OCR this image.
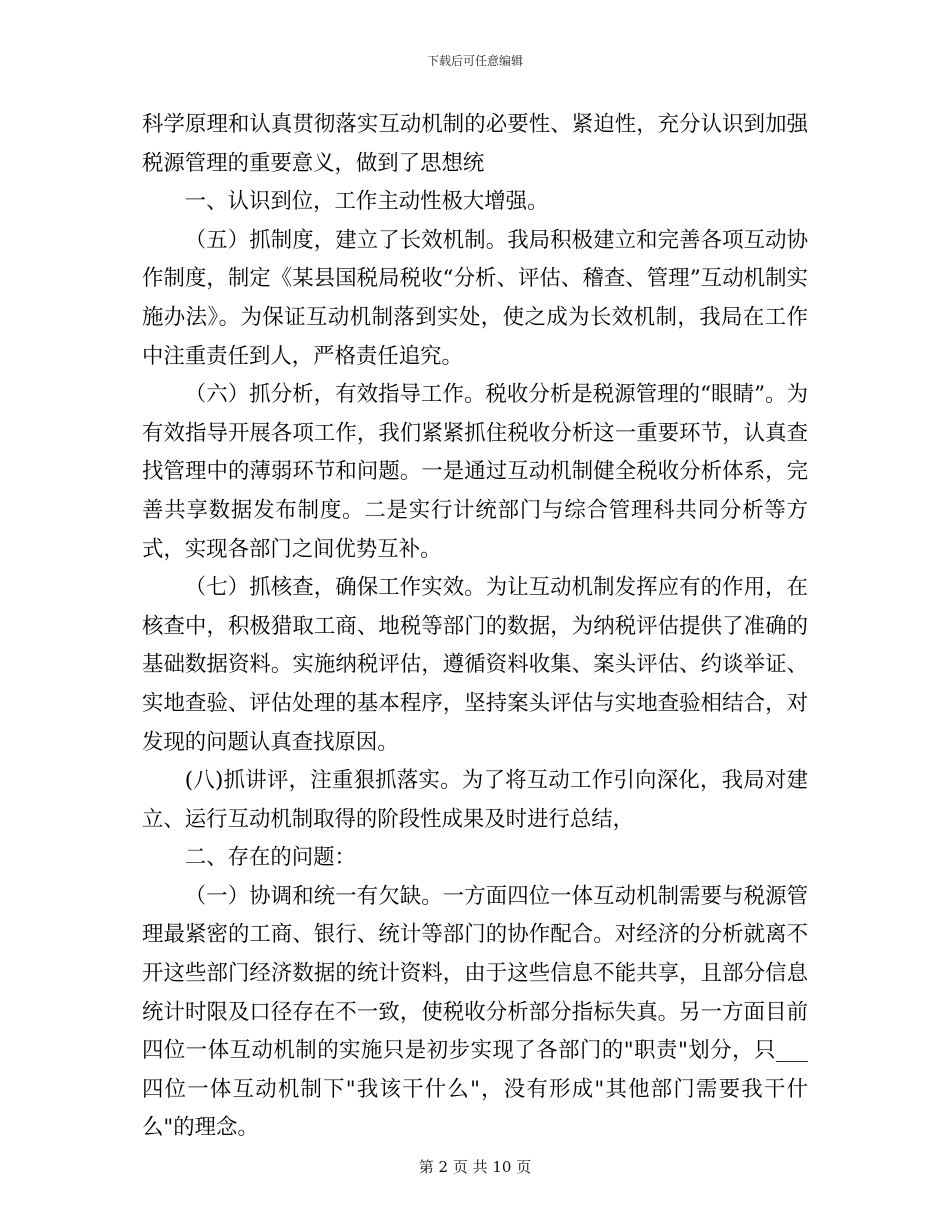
下载后可任意编辑

科学原理和认真贯彻落实互动机制的必要性、紧迫性，充分认识到加强税源管理的重要意义，做到了思想统

一、认识到位，工作主动性极大增强。

（五）抓制度，建立了长效机制。我局积极建立和完善各项互动协作制度，制定《某县国税局税收“分析、评估、稽查、管理”互动机制实施办法》。为保证互动机制落到实处，使之成为长效机制，我局在工作中注重责任到人，严格责任追究。

（六）抓分析，有效指导工作。税收分析是税源管理的“眼睛”。为有效指导开展各项工作，我们紧紧抓住税收分析这一重要环节，认真查找管理中的薄弱环节和问题。一是通过互动机制健全税收分析体系，完善共享数据发布制度。二是实行计统部门与综合管理科共同分析等方式，实现各部门之间优势互补。

（七）抓核查，确保工作实效。为让互动机制发挥应有的作用，在核查中，积极猎取工商、地税等部门的数据，为纳税评估提供了准确的基础数据资料。实施纳税评估，遵循资料收集、案头评估、约谈举证、实地查验、评估处理的基本程序，坚持案头评估与实地查验相结合，对发现的问题认真查找原因。

(八)抓讲评，注重狠抓落实。为了将互动工作引向深化，我局对建立、运行互动机制取得的阶段性成果及时进行总结，

二、存在的问题：

（一）协调和统一有欠缺。一方面四位一体互动机制需要与税源管理最紧密的工商、银行、统计等部门的协作配合。对经济的分析就离不开这些部门经济数据的统计资料，由于这些信息不能共享，且部分信息统计时限及口径存在不一致，使税收分析部分指标失真。另一方面目前四位一体互动机制的实施只是初步实现了各部门的"职责"划分，只___四位一体互动机制下"我该干什么"，没有形成"其他部门需要我干什么"的理念。

第 2 页 共 10 页
